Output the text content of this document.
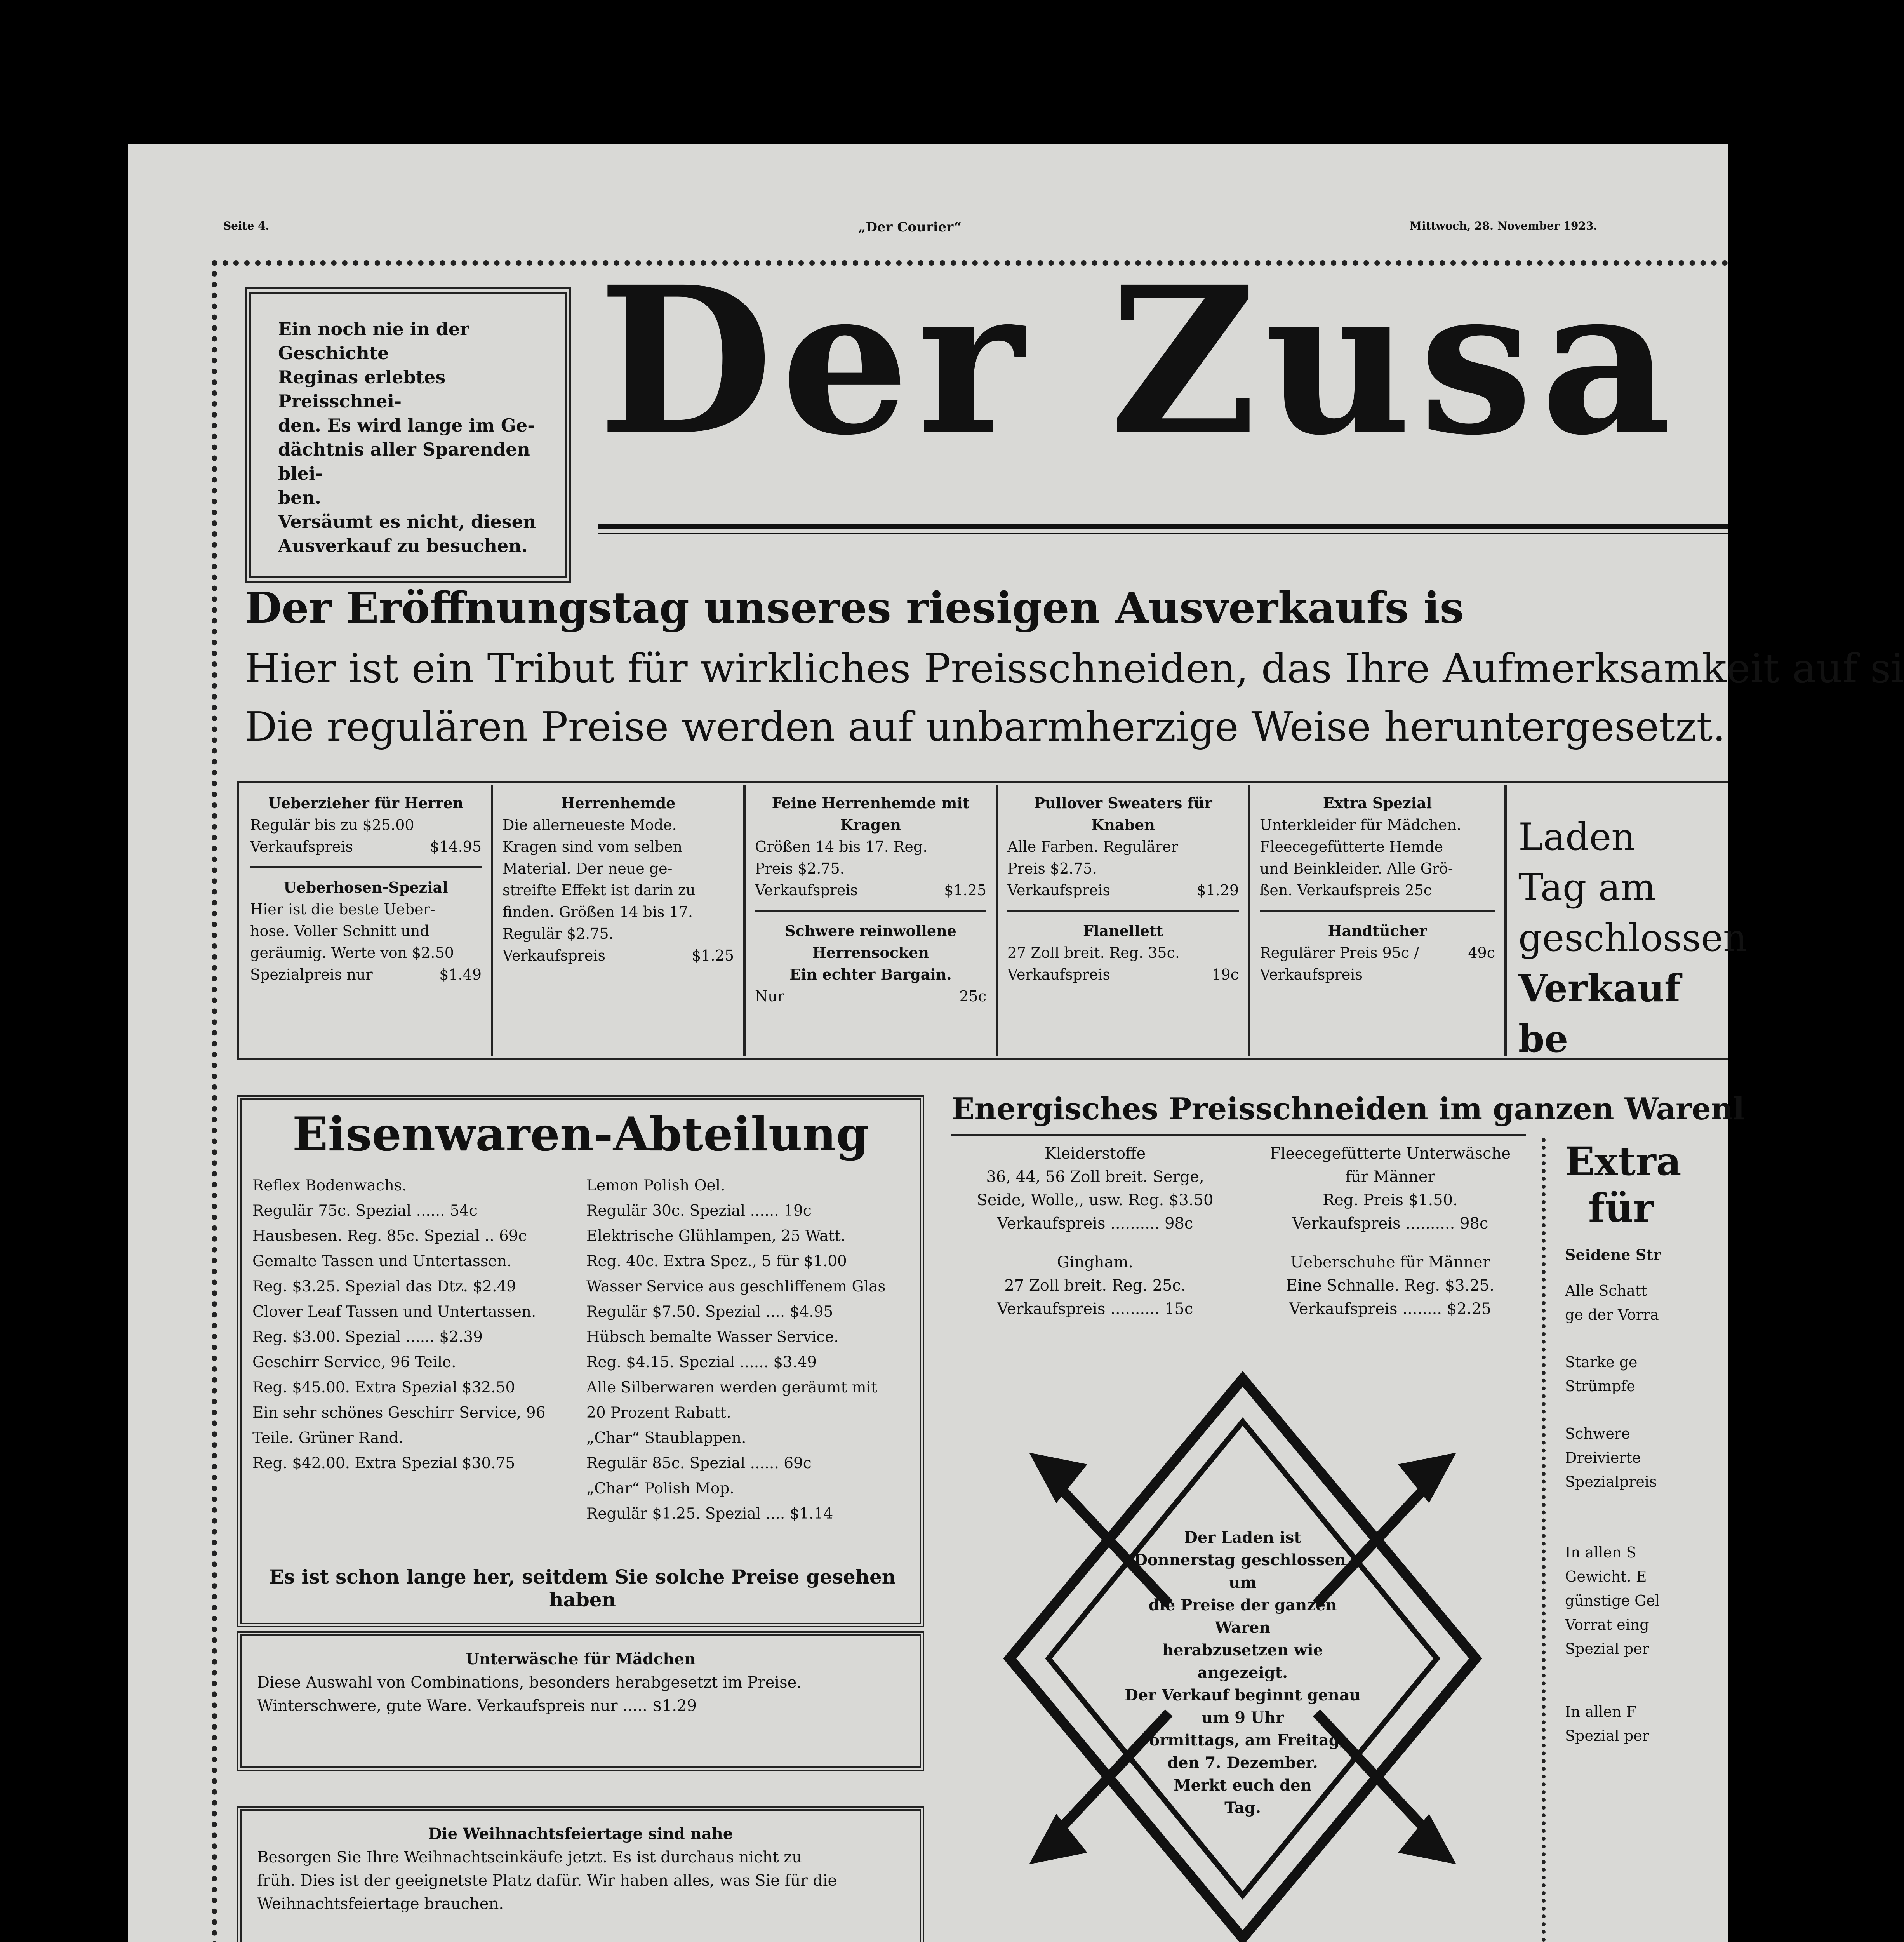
Seite 4.	„Der Courier“	Mittwoch, 28. November 1923.
Ein noch nie in der Geschichte
Reginas erlebtes Preisschnei-
den. Es wird lange im Ge-
dächtnis aller Sparenden blei-
ben.
Versäumt es nicht, diesen
Ausverkauf zu besuchen.
Der Zusa
Der Eröffnungstag unseres riesigen Ausverkaufs is
Hier ist ein Tribut für wirkliches Preisschneiden, das Ihre Aufmerksamkeit auf si
Die regulären Preise werden auf unbarmherzige Weise heruntergesetzt.
Ueberzieher für Herren
Regulär bis zu $25.00
Verkaufspreis	$14.95
Ueberhosen-Spezial
Hier ist die beste Ueber-
hose. Voller Schnitt und
geräumig. Werte von $2.50
Spezialpreis nur	$1.49
Herrenhemde
Die allerneueste Mode.
Kragen sind vom selben
Material. Der neue ge-
streifte Effekt ist darin zu
finden. Größen 14 bis 17.
Regulär $2.75.
Verkaufspreis	$1.25
Feine Herrenhemde mit Kragen
Größen 14 bis 17. Reg.
Preis $2.75.
Verkaufspreis	$1.25
Schwere reinwollene Herrensocken
Ein echter Bargain.
Nur	25c
Pullover Sweaters für Knaben
Alle Farben. Regulärer
Preis $2.75.
Verkaufspreis	$1.29
Flanellett
27 Zoll breit. Reg. 35c.
Verkaufspreis	19c
Extra Spezial
Unterkleider für Mädchen.
Fleecegefütterte Hemde
und Beinkleider. Alle Grö-
ßen. Verkaufspreis 25c
Handtücher
Regulärer Preis 95c / Verkaufspreis
49c
Laden
Tag am
geschlossen
Verkauf be
Eisenwaren-Abteilung
Reflex Bodenwachs.
Regulär 75c. Spezial ...... 54c
Hausbesen. Reg. 85c. Spezial .. 69c
Gemalte Tassen und Untertassen.
Reg. $3.25. Spezial das Dtz. $2.49
Clover Leaf Tassen und Untertassen.
Reg. $3.00. Spezial ...... $2.39
Geschirr Service, 96 Teile.
Reg. $45.00. Extra Spezial $32.50
Ein sehr schönes Geschirr Service, 96
Teile. Grüner Rand.
Reg. $42.00. Extra Spezial $30.75
Lemon Polish Oel.
Regulär 30c. Spezial ...... 19c
Elektrische Glühlampen, 25 Watt.
Reg. 40c. Extra Spez., 5 für $1.00
Wasser Service aus geschliffenem Glas
Regulär $7.50. Spezial .... $4.95
Hübsch bemalte Wasser Service.
Reg. $4.15. Spezial ...... $3.49
Alle Silberwaren werden geräumt mit
20 Prozent Rabatt.
„Char“ Staublappen.
Regulär 85c. Spezial ...... 69c
„Char“ Polish Mop.
Regulär $1.25. Spezial .... $1.14
Es ist schon lange her, seitdem Sie solche Preise gesehen haben
Unterwäsche für Mädchen
Diese Auswahl von Combinations, besonders herabgesetzt im Preise.
Winterschwere, gute Ware. Verkaufspreis nur ..... $1.29
Die Weihnachtsfeiertage sind nahe
Besorgen Sie Ihre Weihnachtseinkäufe jetzt. Es ist durchaus nicht zu
früh. Dies ist der geeignetste Platz dafür. Wir haben alles, was Sie für die
Weihnachtsfeiertage brauchen.
Energisches Preisschneiden im ganzen Warenl
Kleiderstoffe
36, 44, 56 Zoll breit. Serge,
Seide, Wolle,, usw. Reg. $3.50
Verkaufspreis .......... 98c
Gingham.
27 Zoll breit. Reg. 25c.
Verkaufspreis .......... 15c
Fleecegefütterte Unterwäsche
für Männer
Reg. Preis $1.50.
Verkaufspreis .......... 98c
Ueberschuhe für Männer
Eine Schnalle. Reg. $3.25.
Verkaufspreis ........ $2.25
Der Laden ist
Donnerstag geschlossen, um
die Preise der ganzen Waren
herabzusetzen wie angezeigt.
Der Verkauf beginnt genau um 9 Uhr
vormittags, am Freitag,
den 7. Dezember.
Merkt euch den
Tag.
Extra
für
Seidene Str
Alle Schatt
ge der Vorra
Starke ge
Strümpfe
Schwere
Dreivierte
Spezialpreis
In allen S
Gewicht. E
günstige Gel
Vorrat eing
Spezial per
In allen F
Spezial per
